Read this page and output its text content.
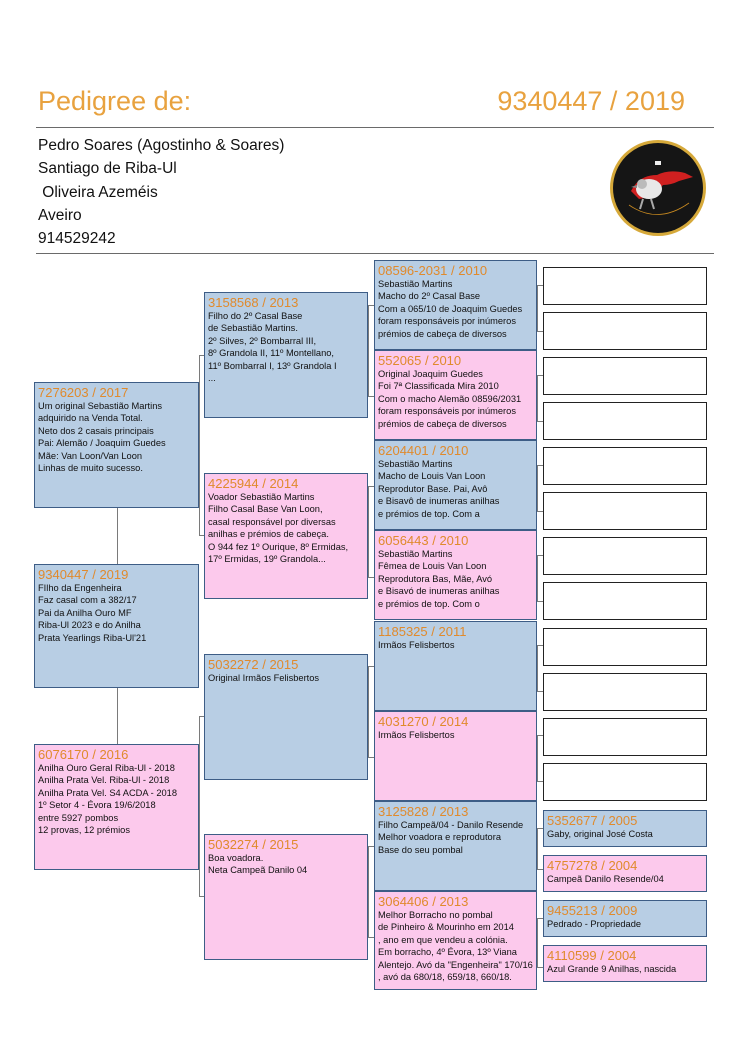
Pedigree de:	9340447 / 2019
Pedro Soares (Agostinho & Soares)
Santiago de Riba-Ul
Oliveira Azeméis
Aveiro
914529242
7276203 / 2017
Um original Sebastião Martins
adquirido na Venda Total.
Neto dos 2 casais principais
Pai: Alemão / Joaquim Guedes
Mãe: Van Loon/Van Loon
Linhas de muito sucesso.
9340447 / 2019
FIlho da Engenheira
Faz casal com a 382/17
Pai da Anilha Ouro MF
Riba-Ul 2023 e do Anilha
Prata Yearlings Riba-Ul'21
6076170 / 2016
Anilha Ouro Geral Riba-Ul - 2018
Anilha Prata Vel. Riba-Ul - 2018
Anilha Prata Vel. S4 ACDA - 2018
1º Setor 4 - Évora 19/6/2018
entre 5927 pombos
12 provas, 12 prémios
3158568 / 2013
Filho do 2º Casal Base
de Sebastião Martins.
2º Silves, 2º Bombarral III,
8º Grandola II, 11º Montellano,
11º Bombarral I, 13º Grandola I
...
4225944 / 2014
Voador Sebastião Martins
Filho Casal Base Van Loon,
casal responsável por diversas
anilhas e prémios de cabeça.
O 944 fez 1º Ourique, 8º Ermidas,
17º Ermidas, 19º Grandola...
5032272 / 2015
Original Irmãos Felisbertos
5032274 / 2015
Boa voadora.
Neta Campeã Danilo 04
08596-2031 / 2010
Sebastião Martins
Macho do 2º Casal Base
Com a 065/10 de Joaquim Guedes
foram responsáveis por inúmeros
prémios de cabeça de diversos
552065 / 2010
Original Joaquim Guedes
Foi 7ª Classificada Mira 2010
Com o macho Alemão 08596/2031
foram responsáveis por inúmeros
prémios de cabeça de diversos
6204401 / 2010
Sebastião Martins
Macho de Louis Van Loon
Reprodutor Base. Pai, Avô
e Bisavô de inumeras anilhas
e prémios de top. Com a
6056443 / 2010
Sebastião Martins
Fêmea de Louis Van Loon
Reprodutora Bas, Mãe, Avó
e Bisavó de inumeras anilhas
e prémios de top. Com o
1185325 / 2011
Irmãos Felisbertos
4031270 / 2014
Irmãos Felisbertos
3125828 / 2013
Filho Campeã/04 - Danilo Resende
Melhor voadora e reprodutora
Base do seu pombal
3064406 / 2013
Melhor Borracho no pombal
de Pinheiro & Mourinho em 2014
, ano em que vendeu a colónia.
Em borracho, 4º Évora, 13º Viana
Alentejo. Avó da "Engenheira" 170/16
, avó da 680/18, 659/18, 660/18.
5352677 / 2005
Gaby, original José Costa
4757278 / 2004
Campeã Danilo Resende/04
9455213 / 2009
Pedrado - Propriedade
4110599 / 2004
Azul Grande 9 Anilhas, nascida
